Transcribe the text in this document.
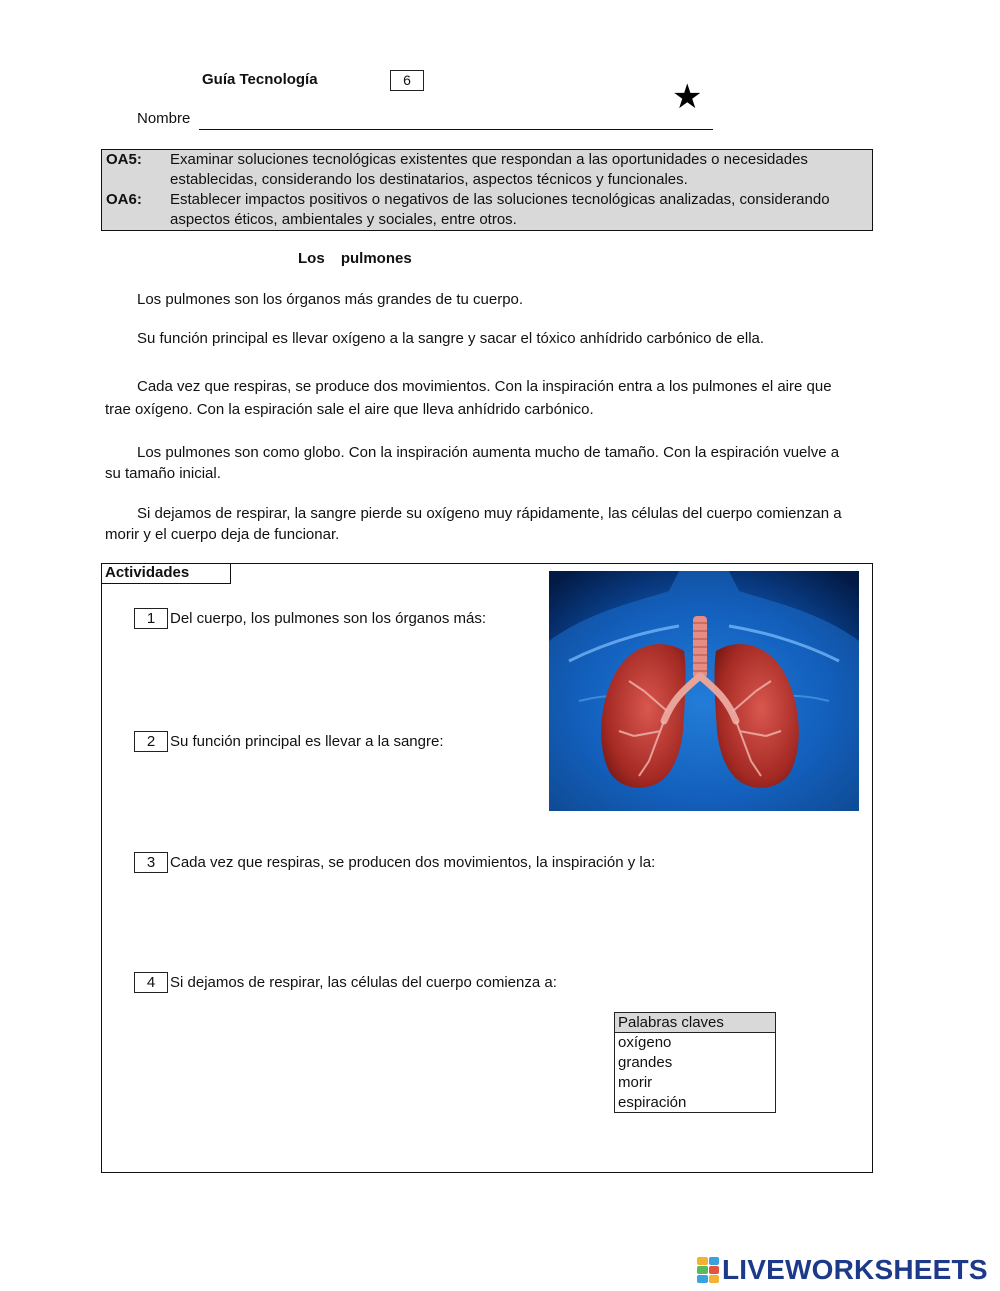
Guía Tecnología	6	★
Nombre
OA5: Examinar soluciones tecnológicas existentes que respondan a las oportunidades o necesidades establecidas, considerando los destinatarios, aspectos técnicos y funcionales.
OA6: Establecer impactos positivos o negativos de las soluciones tecnológicas analizadas, considerando aspectos éticos, ambientales y sociales, entre otros.
Los pulmones
Los pulmones son los órganos más grandes de tu cuerpo.
Su función principal es llevar oxígeno a la sangre y sacar el tóxico anhídrido carbónico de ella.
Cada vez que respiras, se produce dos movimientos. Con la inspiración entra a los pulmones el aire que trae oxígeno. Con la espiración sale el aire que lleva anhídrido carbónico.
Los pulmones son como globo. Con la inspiración aumenta mucho de tamaño. Con la espiración vuelve a su tamaño inicial.
Si dejamos de respirar, la sangre pierde su oxígeno muy rápidamente, las células del cuerpo comienzan a morir y el cuerpo deja de funcionar.
Actividades
1 Del cuerpo, los pulmones son los órganos más:
2 Su función principal es llevar a la sangre:
3 Cada vez que respiras, se producen dos movimientos, la inspiración y la:
4 Si dejamos de respirar, las células del cuerpo comienza a:
Palabras claves
oxígeno
grandes
morir
espiración
LIVEWORKSHEETS
